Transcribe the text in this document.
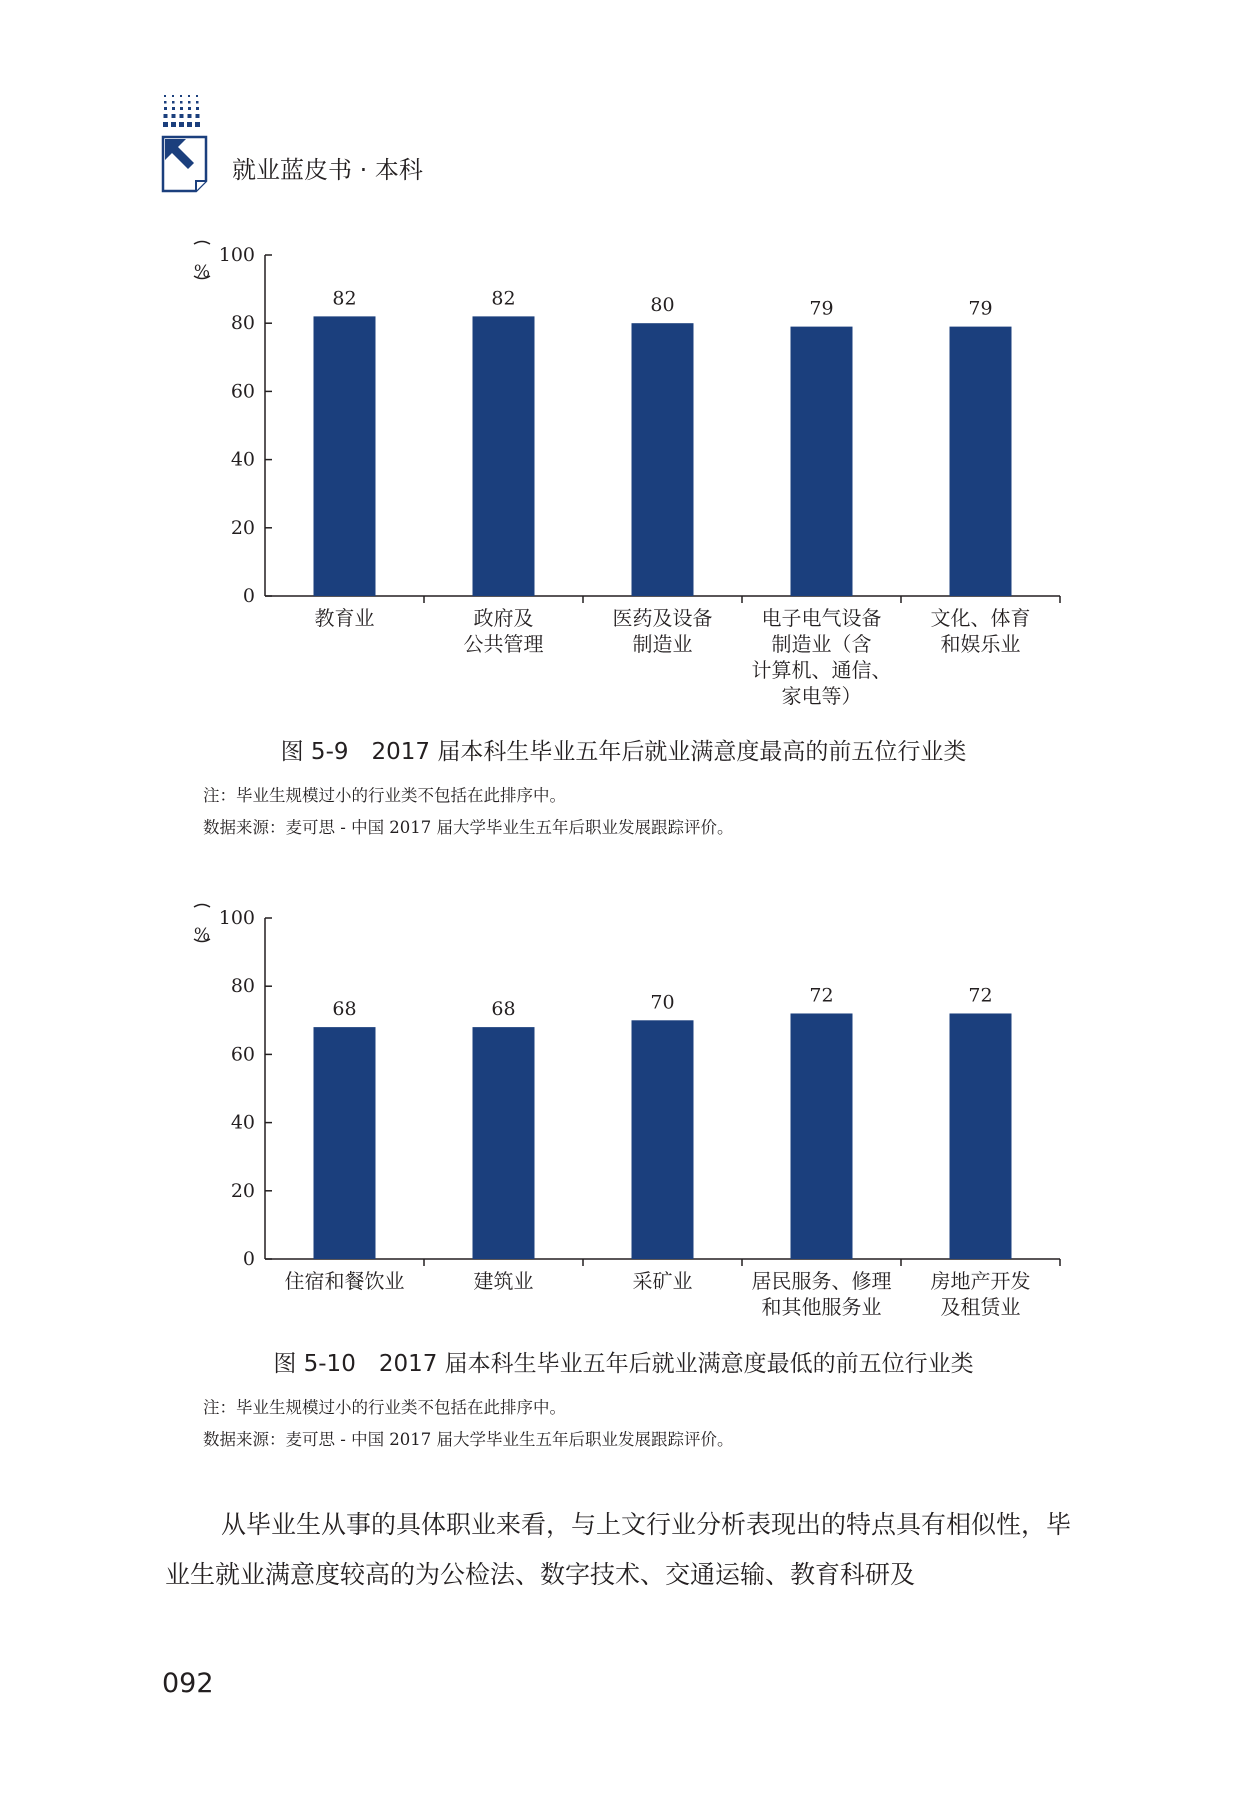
就业蓝皮书 · 本科
0
20
40
60
80
100
%
82
教育业
82
政府及
公共管理
80
医药及设备
制造业
79
电子电气设备
制造业（含
计算机、通信、
家电等）
79
文化、体育
和娱乐业
图 5-9　2017 届本科生毕业五年后就业满意度最高的前五位行业类
注：毕业生规模过小的行业类不包括在此排序中。
数据来源：麦可思 - 中国 2017 届大学毕业生五年后职业发展跟踪评价。
0
20
40
60
80
100
%
68
住宿和餐饮业
68
建筑业
70
采矿业
72
居民服务、修理
和其他服务业
72
房地产开发
及租赁业
图 5-10　2017 届本科生毕业五年后就业满意度最低的前五位行业类
注：毕业生规模过小的行业类不包括在此排序中。
数据来源：麦可思 - 中国 2017 届大学毕业生五年后职业发展跟踪评价。

从毕业生从事的具体职业来看，与上文行业分析表现出的特点具有相似性，毕业生就业满意度较高的为公检法、数字技术、交通运输、教育科研及

092
